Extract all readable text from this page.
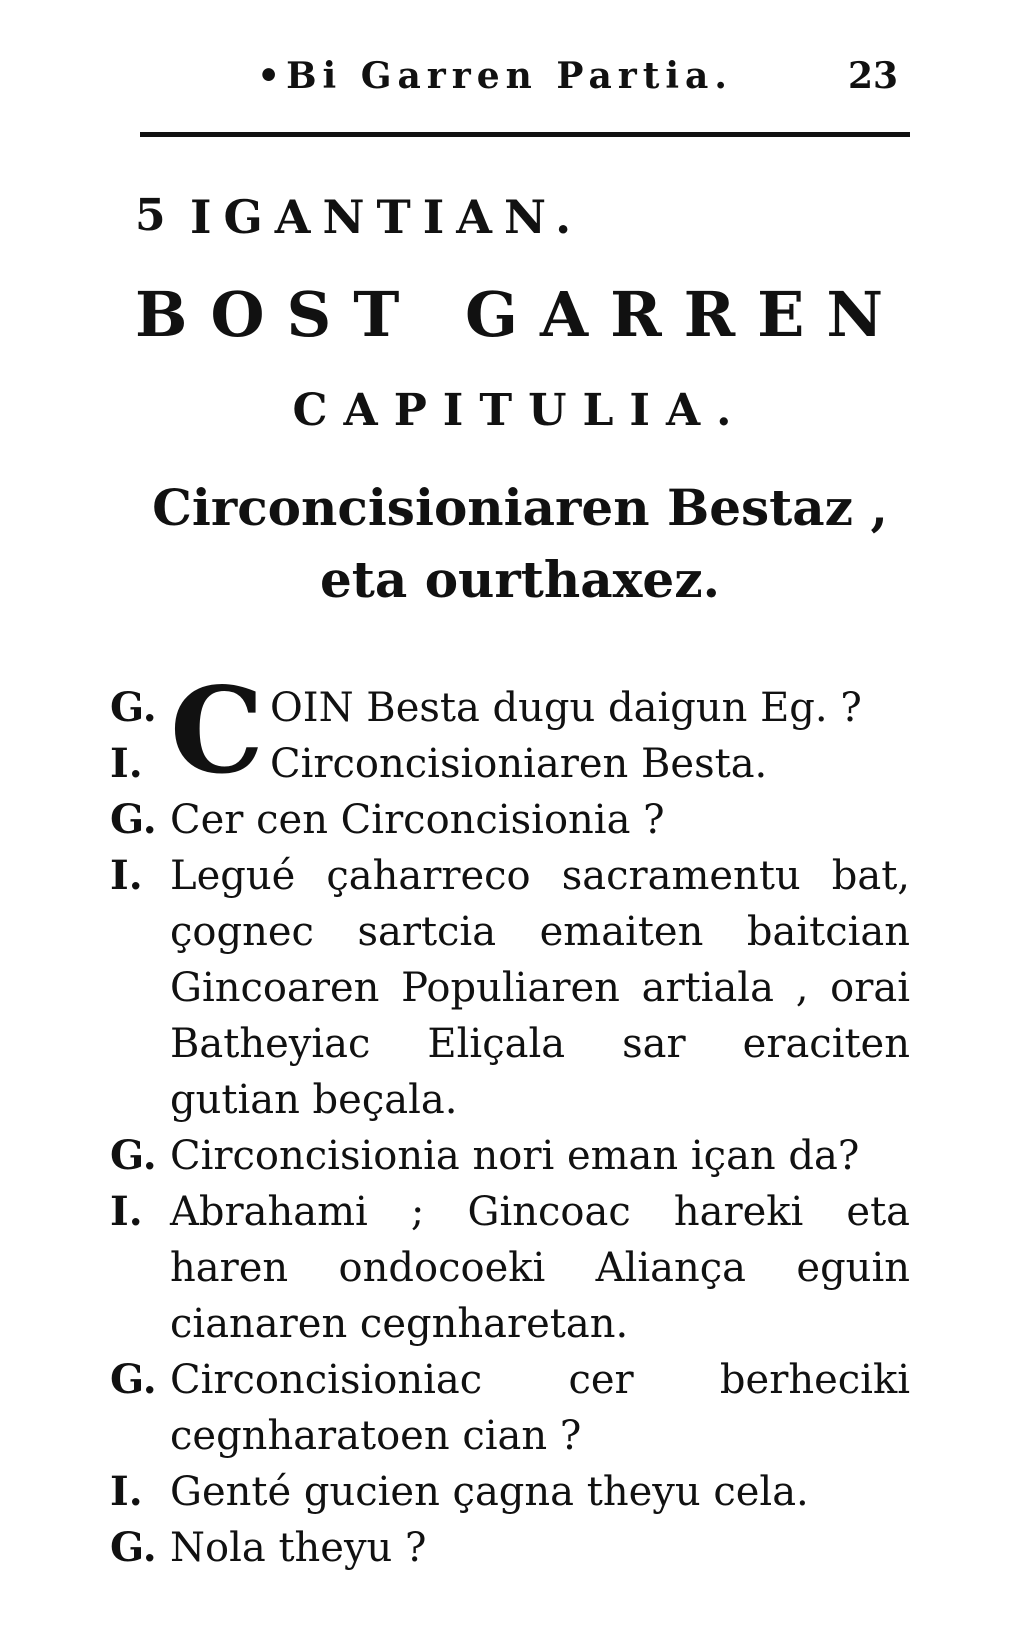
•Bi Garren Partia.	23
5 IGANTIAN.
BOST GARREN
CAPITULIA.
Circoncisioniaren Bestaz , eta ourthaxez.
G. C OIN Besta dugu daigun Eg. ?
I.	Circoncisioniaren Besta.
G. Cer cen Circoncisionia ?
I. Legué çaharreco sacramentu bat, çognec sartcia emaiten baitcian Gincoaren Populiaren artiala , orai Batheyiac Eliçala sar eraciten gutian beçala.
G. Circoncisionia nori eman içan da?
I. Abrahami ; Gincoac hareki eta haren ondocoeki Aliança eguin cianaren cegnharetan.
G. Circoncisioniac cer berheciki cegnharatoen cian ?
I. Genté gucien çagna theyu cela.
G. Nola theyu ?
